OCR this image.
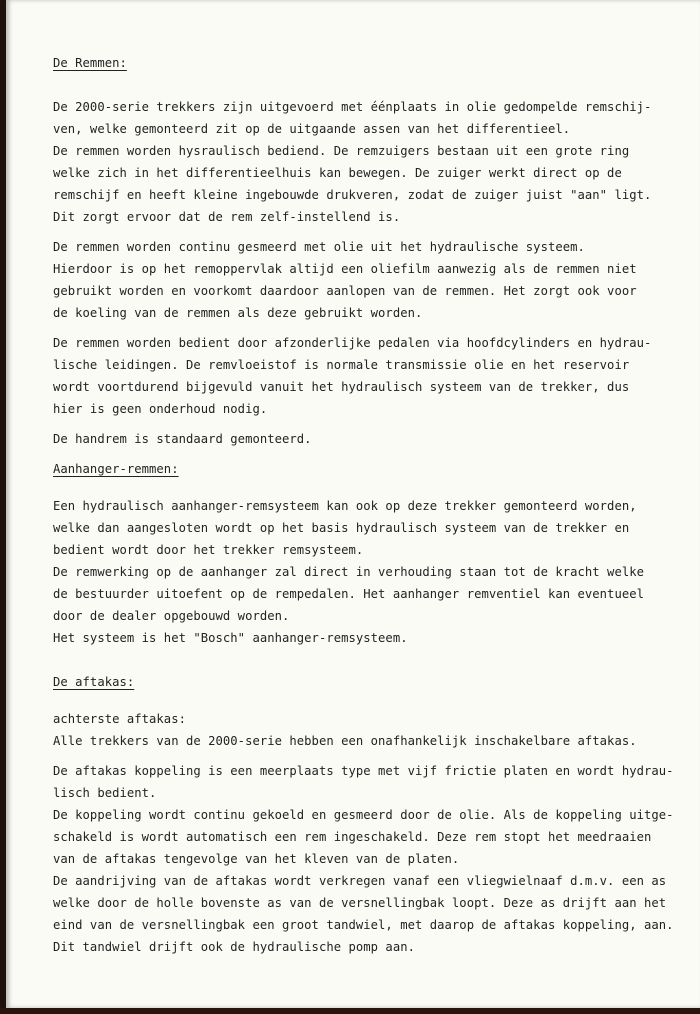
De Remmen:

De 2000-serie trekkers zijn uitgevoerd met éénplaats in olie gedompelde remschij-
ven, welke gemonteerd zit op de uitgaande assen van het differentieel.
De remmen worden hysraulisch bediend. De remzuigers bestaan uit een grote ring
welke zich in het differentieelhuis kan bewegen. De zuiger werkt direct op de
remschijf en heeft kleine ingebouwde drukveren, zodat de zuiger juist "aan" ligt.
Dit zorgt ervoor dat de rem zelf-instellend is.

De remmen worden continu gesmeerd met olie uit het hydraulische systeem.
Hierdoor is op het remoppervlak altijd een oliefilm aanwezig als de remmen niet
gebruikt worden en voorkomt daardoor aanlopen van de remmen. Het zorgt ook voor
de koeling van de remmen als deze gebruikt worden.

De remmen worden bedient door afzonderlijke pedalen via hoofdcylinders en hydrau-
lische leidingen. De remvloeistof is normale transmissie olie en het reservoir
wordt voortdurend bijgevuld vanuit het hydraulisch systeem van de trekker, dus
hier is geen onderhoud nodig.

De handrem is standaard gemonteerd.

Aanhanger-remmen:

Een hydraulisch aanhanger-remsysteem kan ook op deze trekker gemonteerd worden,
welke dan aangesloten wordt op het basis hydraulisch systeem van de trekker en
bedient wordt door het trekker remsysteem.
De remwerking op de aanhanger zal direct in verhouding staan tot de kracht welke
de bestuurder uitoefent op de rempedalen. Het aanhanger remventiel kan eventueel
door de dealer opgebouwd worden.
Het systeem is het "Bosch" aanhanger-remsysteem.

De aftakas:

achterste aftakas:
Alle trekkers van de 2000-serie hebben een onafhankelijk inschakelbare aftakas.

De aftakas koppeling is een meerplaats type met vijf frictie platen en wordt hydrau-
lisch bedient.
De koppeling wordt continu gekoeld en gesmeerd door de olie. Als de koppeling uitge-
schakeld is wordt automatisch een rem ingeschakeld. Deze rem stopt het meedraaien
van de aftakas tengevolge van het kleven van de platen.
De aandrijving van de aftakas wordt verkregen vanaf een vliegwielnaaf d.m.v. een as
welke door de holle bovenste as van de versnellingbak loopt. Deze as drijft aan het
eind van de versnellingbak een groot tandwiel, met daarop de aftakas koppeling, aan.
Dit tandwiel drijft ook de hydraulische pomp aan.
